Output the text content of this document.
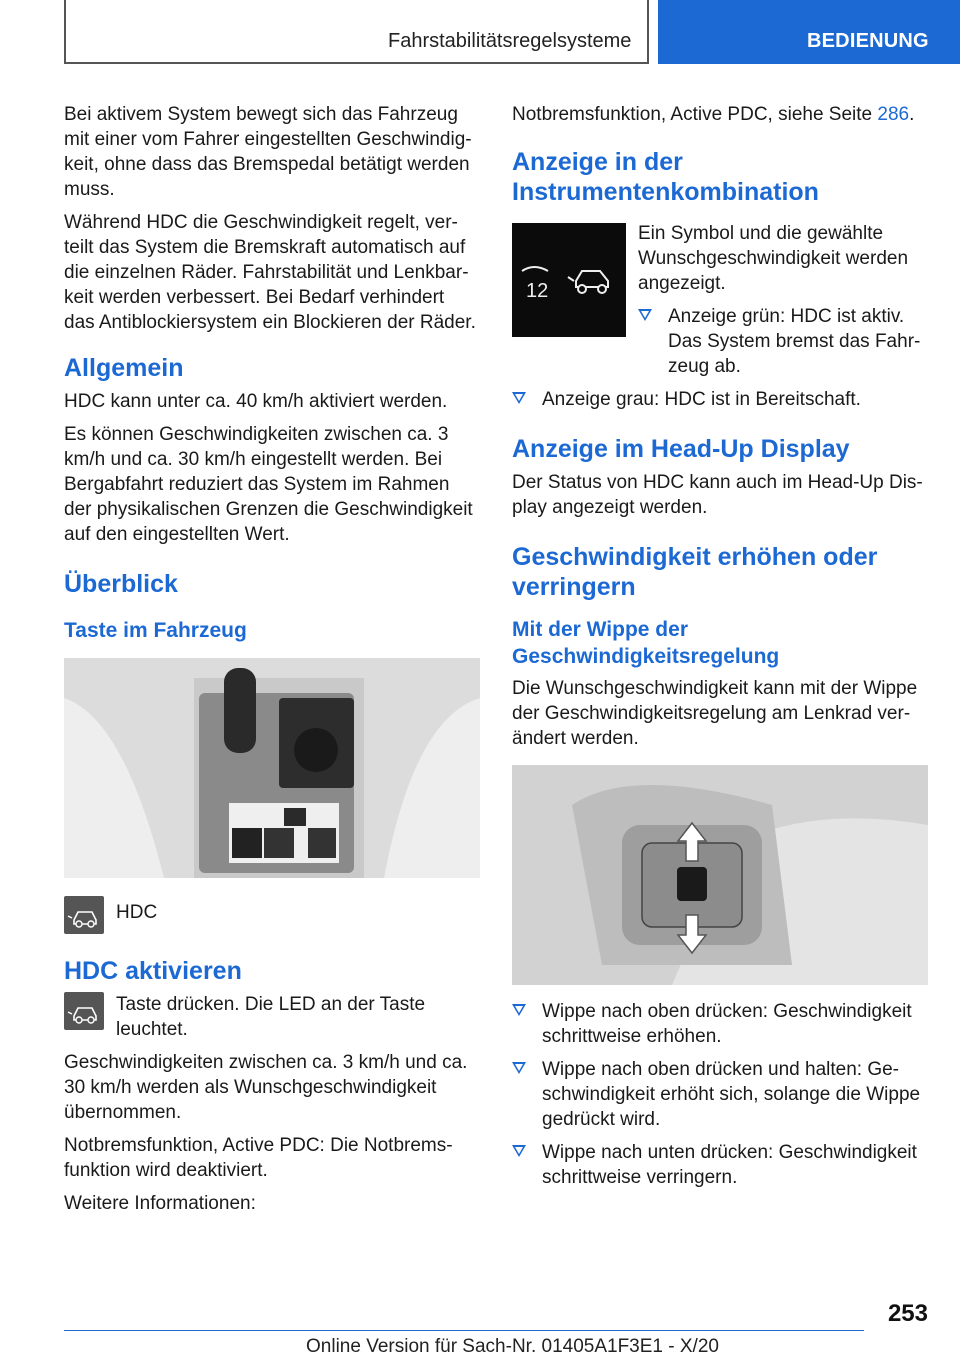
Fahrstabilitätsregelsysteme	BEDIENUNG

Bei aktivem System bewegt sich das Fahrzeug mit einer vom Fahrer eingestellten Geschwindig‐keit, ohne dass das Bremspedal betätigt werden muss.

Während HDC die Geschwindigkeit regelt, ver‐teilt das System die Bremskraft automatisch auf die einzelnen Räder. Fahrstabilität und Lenkbar‐keit werden verbessert. Bei Bedarf verhindert das Antiblockiersystem ein Blockieren der Räder.

Allgemein

HDC kann unter ca. 40 km/h aktiviert werden.

Es können Geschwindigkeiten zwischen ca. 3 km/h und ca. 30 km/h eingestellt werden. Bei Bergabfahrt reduziert das System im Rahmen der physikalischen Grenzen die Geschwindigkeit auf den eingestellten Wert.

Überblick
Taste im Fahrzeug

HDC

HDC aktivieren

Taste drücken. Die LED an der Taste leuchtet.

Geschwindigkeiten zwischen ca. 3 km/h und ca. 30 km/h werden als Wunschgeschwindigkeit übernommen.

Notbremsfunktion, Active PDC: Die Notbrems‐funktion wird deaktiviert.

Weitere Informationen:

Notbremsfunktion, Active PDC, siehe Seite 286.

Anzeige in der Instrumentenkombination
12

Ein Symbol und die gewählte Wunschgeschwindigkeit werden angezeigt.

Anzeige grün: HDC ist aktiv. Das System bremst das Fahr‐zeug ab.
Anzeige grau: HDC ist in Bereitschaft.
Anzeige im Head-Up Display

Der Status von HDC kann auch im Head-Up Dis‐play angezeigt werden.

Geschwindigkeit erhöhen oder verringern
Mit der Wippe der Geschwindigkeitsregelung

Die Wunschgeschwindigkeit kann mit der Wippe der Geschwindigkeitsregelung am Lenkrad ver‐ändert werden.

Wippe nach oben drücken: Geschwindigkeit schrittweise erhöhen.
Wippe nach oben drücken und halten: Ge‐schwindigkeit erhöht sich, solange die Wippe gedrückt wird.
Wippe nach unten drücken: Geschwindigkeit schrittweise verringern.
253
Online Version für Sach-Nr. 01405A1F3E1 - X/20
